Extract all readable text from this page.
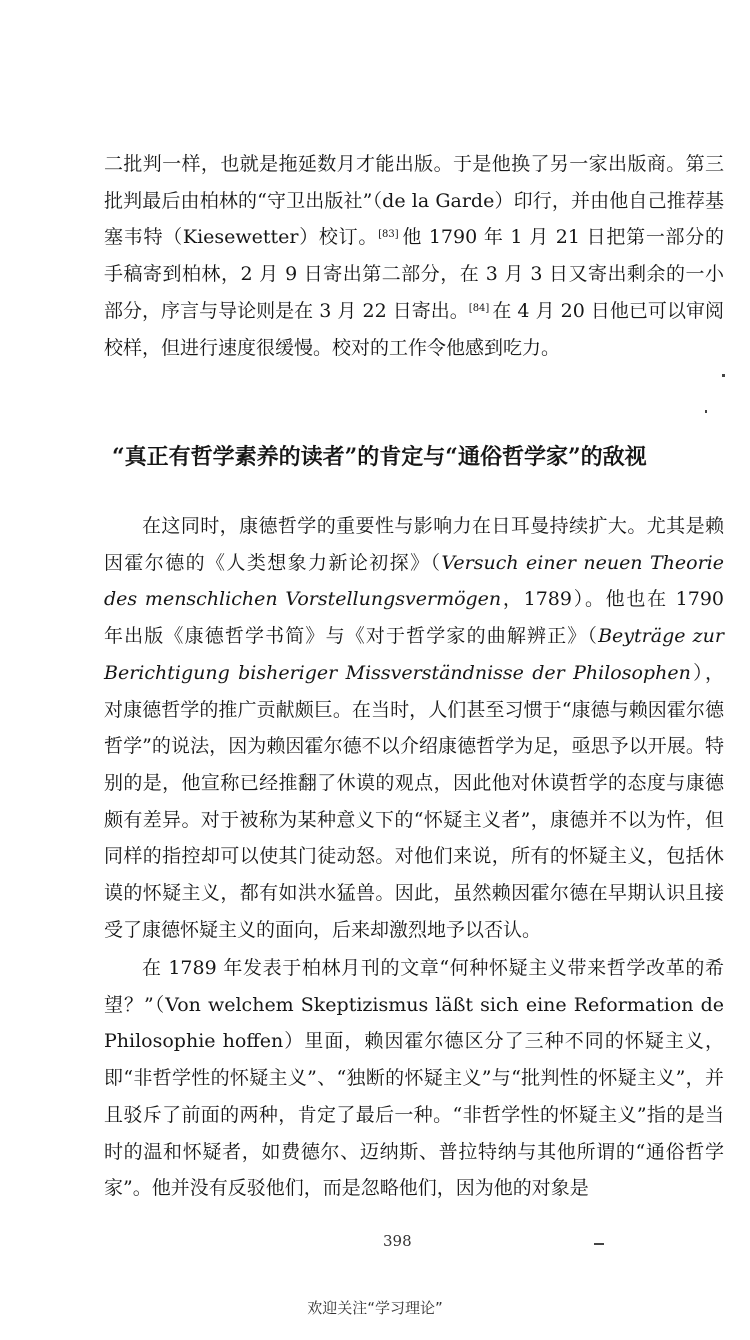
二批判一样，也就是拖延数月才能出版。于是他换了另一家出版商。第三批判最后由柏林的“守卫出版社”（de la Garde）印行，并由他自己推荐基塞韦特（Kiesewetter）校订。[83] 他 1790 年 1 月 21 日把第一部分的手稿寄到柏林，2 月 9 日寄出第二部分，在 3 月 3 日又寄出剩余的一小部分，序言与导论则是在 3 月 22 日寄出。[84] 在 4 月 20 日他已可以审阅校样，但进行速度很缓慢。校对的工作令他感到吃力。

“真正有哲学素养的读者”的肯定与“通俗哲学家”的敌视

在这同时，康德哲学的重要性与影响力在日耳曼持续扩大。尤其是赖因霍尔德的《人类想象力新论初探》（Versuch einer neuen Theorie des menschlichen Vorstellungsvermögen，1789）。他也在 1790 年出版《康德哲学书简》与《对于哲学家的曲解辨正》（Beyträge zur Berichtigung bisheriger Missverständnisse der Philosophen），对康德哲学的推广贡献颇巨。在当时，人们甚至习惯于“康德与赖因霍尔德哲学”的说法，因为赖因霍尔德不以介绍康德哲学为足，亟思予以开展。特别的是，他宣称已经推翻了休谟的观点，因此他对休谟哲学的态度与康德颇有差异。对于被称为某种意义下的“怀疑主义者”，康德并不以为忤，但同样的指控却可以使其门徒动怒。对他们来说，所有的怀疑主义，包括休谟的怀疑主义，都有如洪水猛兽。因此，虽然赖因霍尔德在早期认识且接受了康德怀疑主义的面向，后来却激烈地予以否认。

在 1789 年发表于柏林月刊的文章“何种怀疑主义带来哲学改革的希望？”（Von welchem Skeptizismus läßt sich eine Reformation de Philosophie hoffen）里面，赖因霍尔德区分了三种不同的怀疑主义，即“非哲学性的怀疑主义”、“独断的怀疑主义”与“批判性的怀疑主义”，并且驳斥了前面的两种，肯定了最后一种。“非哲学性的怀疑主义”指的是当时的温和怀疑者，如费德尔、迈纳斯、普拉特纳与其他所谓的“通俗哲学家”。他并没有反驳他们，而是忽略他们，因为他的对象是

398
欢迎关注“学习理论”
